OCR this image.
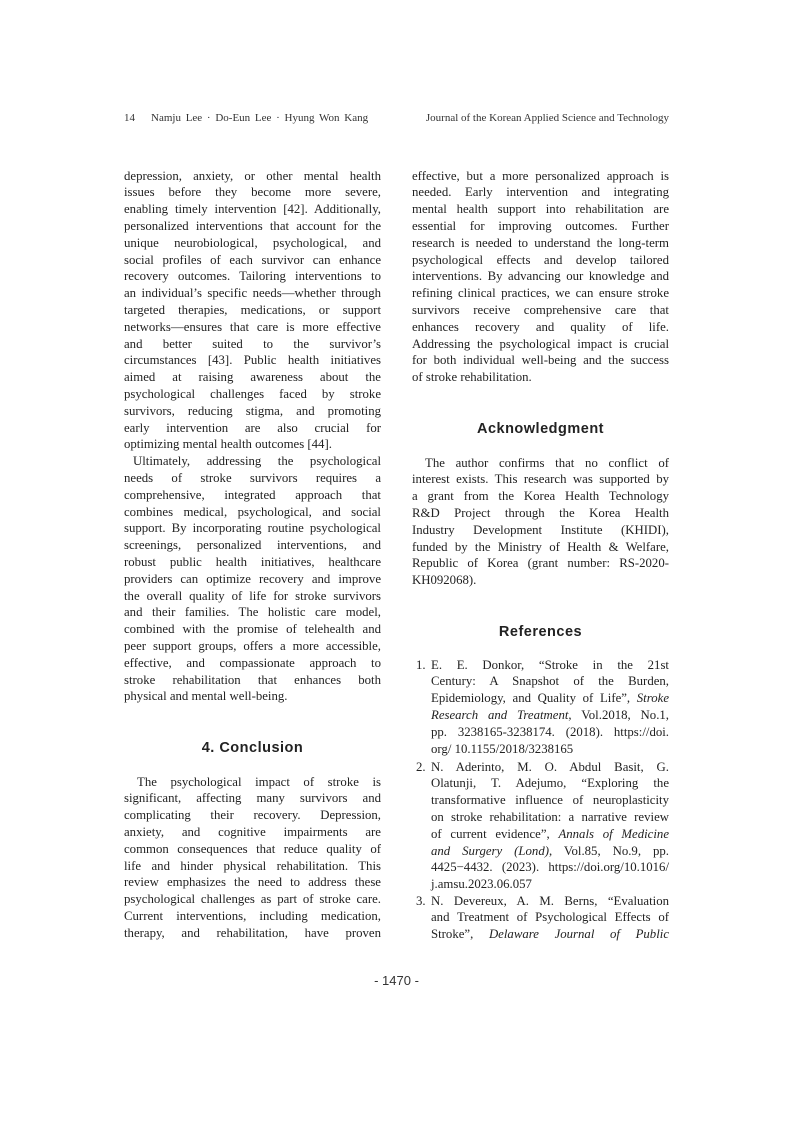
14 Namju Lee · Do-Eun Lee · Hyung Won Kang	Journal of the Korean Applied Science and Technology
depression, anxiety, or other mental health
issues before they become more severe,
enabling timely intervention [42]. Additionally,
personalized interventions that account for the
unique neurobiological, psychological, and
social profiles of each survivor can enhance
recovery outcomes. Tailoring interventions to
an individual’s specific needs—whether through
targeted therapies, medications, or support
networks—ensures that care is more effective
and better suited to the survivor’s
circumstances [43]. Public health initiatives
aimed at raising awareness about the
psychological challenges faced by stroke
survivors, reducing stigma, and promoting
early intervention are also crucial for
optimizing mental health outcomes [44].
Ultimately, addressing the psychological
needs of stroke survivors requires a
comprehensive, integrated approach that
combines medical, psychological, and social
support. By incorporating routine psychological
screenings, personalized interventions, and
robust public health initiatives, healthcare
providers can optimize recovery and improve
the overall quality of life for stroke survivors
and their families. The holistic care model,
combined with the promise of telehealth and
peer support groups, offers a more accessible,
effective, and compassionate approach to
stroke rehabilitation that enhances both
physical and mental well-being.
4. Conclusion
The psychological impact of stroke is
significant, affecting many survivors and
complicating their recovery. Depression,
anxiety, and cognitive impairments are
common consequences that reduce quality of
life and hinder physical rehabilitation. This
review emphasizes the need to address these
psychological challenges as part of stroke care.
Current interventions, including medication,
therapy, and rehabilitation, have proven
effective, but a more personalized approach is
needed. Early intervention and integrating
mental health support into rehabilitation are
essential for improving outcomes. Further
research is needed to understand the long-term
psychological effects and develop tailored
interventions. By advancing our knowledge and
refining clinical practices, we can ensure stroke
survivors receive comprehensive care that
enhances recovery and quality of life.
Addressing the psychological impact is crucial
for both individual well-being and the success
of stroke rehabilitation.
Acknowledgment
The author confirms that no conflict of
interest exists. This research was supported by
a grant from the Korea Health Technology
R&D Project through the Korea Health
Industry Development Institute (KHIDI),
funded by the Ministry of Health & Welfare,
Republic of Korea (grant number: RS-2020-
KH092068).
References
1. E. E. Donkor, “Stroke in the 21st
Century: A Snapshot of the Burden,
Epidemiology, and Quality of Life”, Stroke
Research and Treatment, Vol.2018, No.1,
pp. 3238165-3238174. (2018). https://doi.
org/ 10.1155/2018/3238165
2. N. Aderinto, M. O. Abdul Basit, G.
Olatunji, T. Adejumo, “Exploring the
transformative influence of neuroplasticity
on stroke rehabilitation: a narrative review
of current evidence”, Annals of Medicine
and Surgery (Lond), Vol.85, No.9, pp.
4425−4432. (2023). https://doi.org/10.1016/
j.amsu.2023.06.057
3. N. Devereux, A. M. Berns, “Evaluation
and Treatment of Psychological Effects of
Stroke”, Delaware Journal of Public
- 1470 -
